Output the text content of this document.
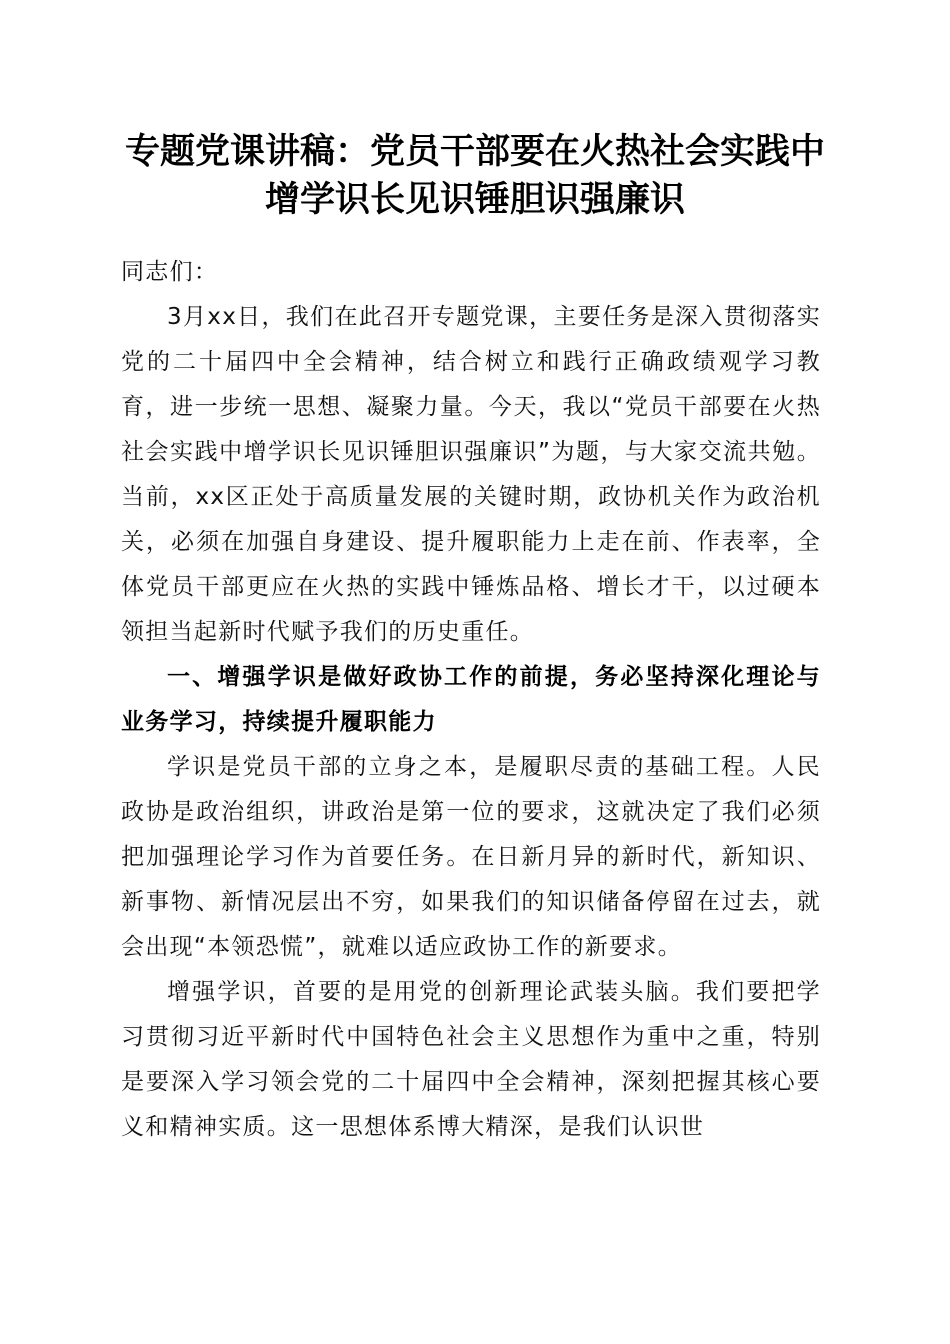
专题党课讲稿：党员干部要在火热社会实践中
增学识长见识锤胆识强廉识

同志们：

3月xx日，我们在此召开专题党课，主要任务是深入贯彻落实党的二十届四中全会精神，结合树立和践行正确政绩观学习教育，进一步统一思想、凝聚力量。今天，我以“党员干部要在火热社会实践中增学识长见识锤胆识强廉识”为题，与大家交流共勉。当前，xx区正处于高质量发展的关键时期，政协机关作为政治机关，必须在加强自身建设、提升履职能力上走在前、作表率，全体党员干部更应在火热的实践中锤炼品格、增长才干，以过硬本领担当起新时代赋予我们的历史重任。

一、增强学识是做好政协工作的前提，务必坚持深化理论与业务学习，持续提升履职能力

学识是党员干部的立身之本，是履职尽责的基础工程。人民政协是政治组织，讲政治是第一位的要求，这就决定了我们必须把加强理论学习作为首要任务。在日新月异的新时代，新知识、新事物、新情况层出不穷，如果我们的知识储备停留在过去，就会出现“本领恐慌”，就难以适应政协工作的新要求。

增强学识，首要的是用党的创新理论武装头脑。我们要把学习贯彻习近平新时代中国特色社会主义思想作为重中之重，特别是要深入学习领会党的二十届四中全会精神，深刻把握其核心要义和精神实质。这一思想体系博大精深，是我们认识世
